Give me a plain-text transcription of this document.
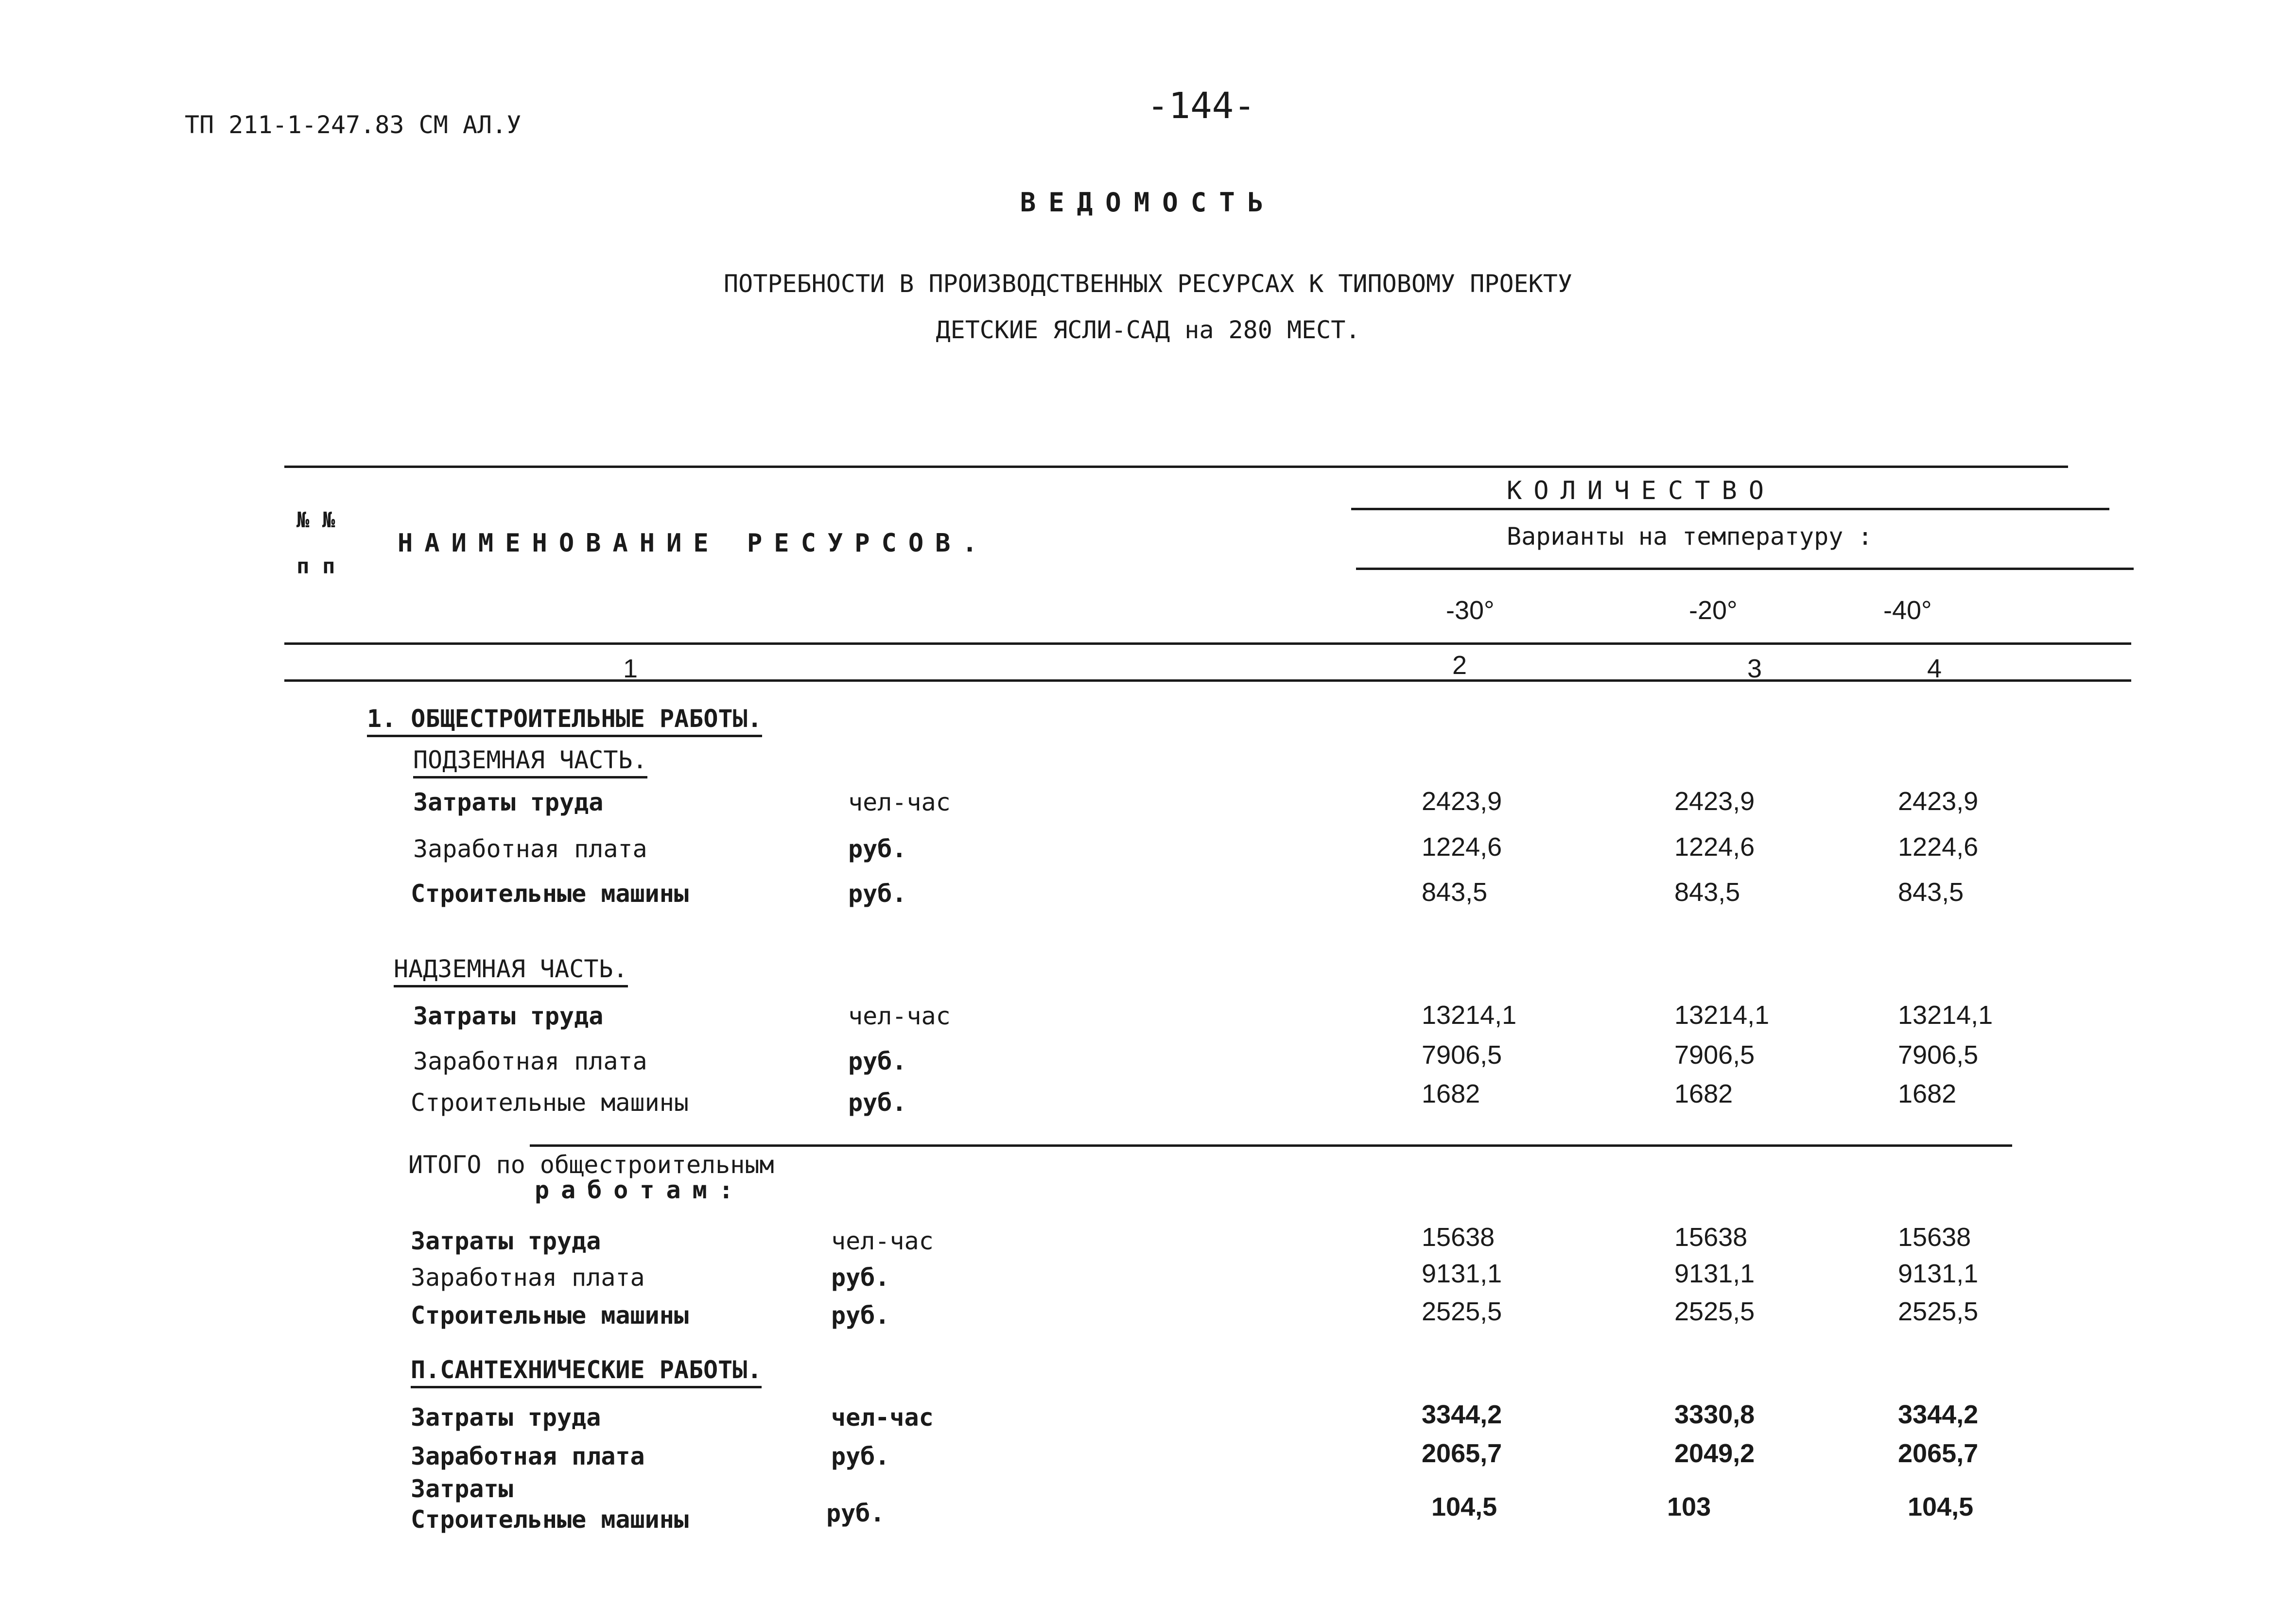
ТП 211-1-247.83 СМ АЛ.У	-144-
ВЕДОМОСТЬ
ПОТРЕБНОСТИ В ПРОИЗВОДСТВЕННЫХ РЕСУРСАХ К ТИПОВОМУ ПРОЕКТУ
ДЕТСКИЕ ЯСЛИ-САД на 280 МЕСТ.
№ №
п п
НАИМЕНОВАНИЕ РЕСУРСОВ.
КОЛИЧЕСТВО
Варианты на температуру :
-30°	-20°	-40°
1	2	3	4
1. ОБЩЕСТРОИТЕЛЬНЫЕ РАБОТЫ.
ПОДЗЕМНАЯ ЧАСТЬ.
Затраты труда	чел-час	2423,9	2423,9	2423,9
Заработная плата	руб.	1224,6	1224,6	1224,6
Строительные машины	руб.	843,5	843,5	843,5
НАДЗЕМНАЯ ЧАСТЬ.
Затраты труда	чел-час	13214,1	13214,1	13214,1
Заработная плата	руб.	7906,5	7906,5	7906,5
Строительные машины	руб.	1682	1682	1682
ИТОГО по общестроительным
работам:
Затраты труда	чел-час	15638	15638	15638
Заработная плата	руб.	9131,1	9131,1	9131,1
Строительные машины	руб.	2525,5	2525,5	2525,5
П.САНТЕХНИЧЕСКИЕ РАБОТЫ.
Затраты труда	чел-час	3344,2	3330,8	3344,2
Заработная плата	руб.	2065,7	2049,2	2065,7
Затраты
Строительные машины	руб.	104,5	103	104,5
